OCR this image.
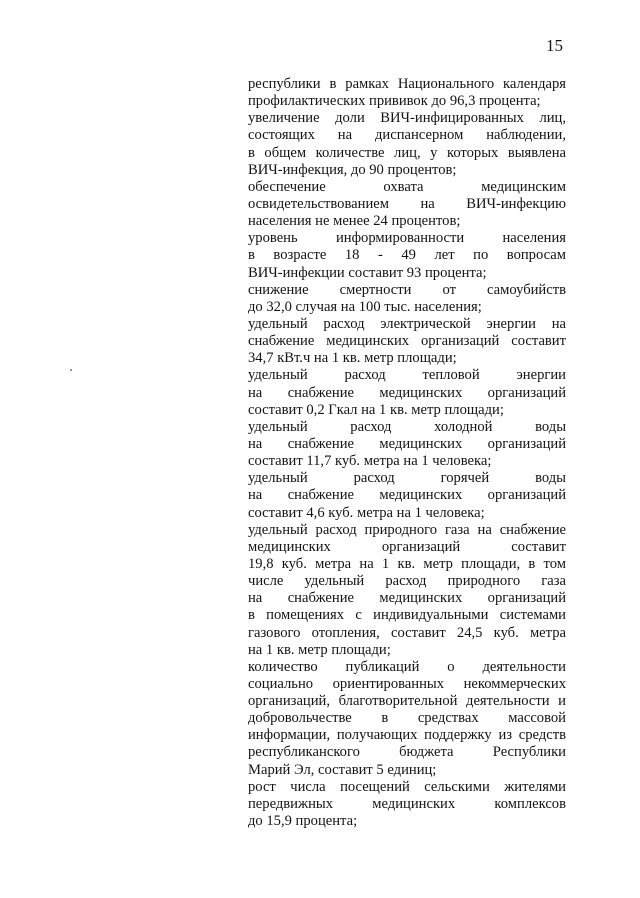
15
республики в рамках Национального календаря
профилактических прививок до 96,3 процента;
увеличение доли ВИЧ-инфицированных лиц,
состоящих на диспансерном наблюдении,
в общем количестве лиц, у которых выявлена
ВИЧ-инфекция, до 90 процентов;
обеспечение охвата медицинским
освидетельствованием на ВИЧ-инфекцию
населения не менее 24 процентов;
уровень информированности населения
в возрасте 18 - 49 лет по вопросам
ВИЧ-инфекции составит 93 процента;
снижение смертности от самоубийств
до 32,0 случая на 100 тыс. населения;
удельный расход электрической энергии на
снабжение медицинских организаций составит
34,7 кВт.ч на 1 кв. метр площади;
удельный расход тепловой энергии
на снабжение медицинских организаций
составит 0,2 Гкал на 1 кв. метр площади;
удельный расход холодной воды
на снабжение медицинских организаций
составит 11,7 куб. метра на 1 человека;
удельный расход горячей воды
на снабжение медицинских организаций
составит 4,6 куб. метра на 1 человека;
удельный расход природного газа на снабжение
медицинских организаций составит
19,8 куб. метра на 1 кв. метр площади, в том
числе удельный расход природного газа
на снабжение медицинских организаций
в помещениях с индивидуальными системами
газового отопления, составит 24,5 куб. метра
на 1 кв. метр площади;
количество публикаций о деятельности
социально ориентированных некоммерческих
организаций, благотворительной деятельности и
добровольчестве в средствах массовой
информации, получающих поддержку из средств
республиканского бюджета Республики
Марий Эл, составит 5 единиц;
рост числа посещений сельскими жителями
передвижных медицинских комплексов
до 15,9 процента;
